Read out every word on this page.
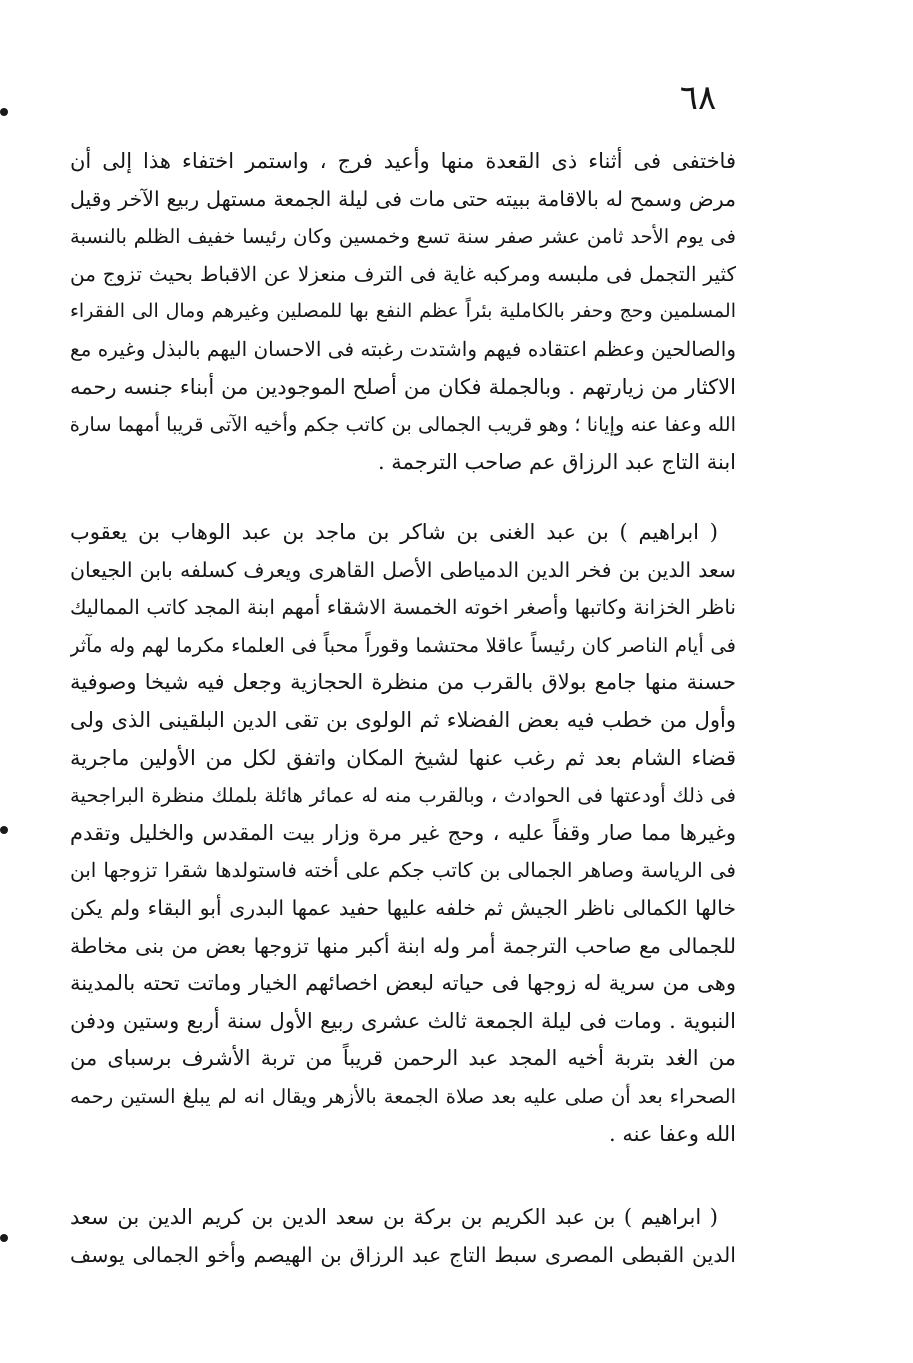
٦٨
فاختفى فى أثناء ذى القعدة منها وأعيد فرج ، واستمر اختفاء هذا إلى أن
مرض وسمح له بالاقامة ببيته حتى مات فى ليلة الجمعة مستهل ربيع الآخر وقيل
فى يوم الأحد ثامن عشر صفر سنة تسع وخمسين وكان رئيسا خفيف الظلم بالنسبة
كثير التجمل فى ملبسه ومركبه غاية فى الترف منعزلا عن الاقباط بحيث تزوج من
المسلمين وحج وحفر بالكاملية بئراً عظم النفع بها للمصلين وغيرهم ومال الى الفقراء
والصالحين وعظم اعتقاده فيهم واشتدت رغبته فى الاحسان اليهم بالبذل وغيره مع
الاكثار من زيارتهم . وبالجملة فكان من أصلح الموجودين من أبناء جنسه رحمه
الله وعفا عنه وإيانا ؛ وهو قريب الجمالى بن كاتب جكم وأخيه الآتى قريبا أمهما سارة
ابنة التاج عبد الرزاق عم صاحب الترجمة .
( ابراهيم ) بن عبد الغنى بن شاكر بن ماجد بن عبد الوهاب بن يعقوب
سعد الدين بن فخر الدين الدمياطى الأصل القاهرى ويعرف كسلفه بابن الجيعان
ناظر الخزانة وكاتبها وأصغر اخوته الخمسة الاشقاء أمهم ابنة المجد كاتب المماليك
فى أيام الناصر كان رئيساً عاقلا محتشما وقوراً محباً فى العلماء مكرما لهم وله مآثر
حسنة منها جامع بولاق بالقرب من منظرة الحجازية وجعل فيه شيخا وصوفية
وأول من خطب فيه بعض الفضلاء ثم الولوى بن تقى الدين البلقينى الذى ولى
قضاء الشام بعد ثم رغب عنها لشيخ المكان واتفق لكل من الأولين ماجرية
فى ذلك أودعتها فى الحوادث ، وبالقرب منه له عمائر هائلة بلملك منظرة البراجحية
وغيرها مما صار وقفاً عليه ، وحج غير مرة وزار بيت المقدس والخليل وتقدم
فى الرياسة وصاهر الجمالى بن كاتب جكم على أخته فاستولدها شقرا تزوجها ابن
خالها الكمالى ناظر الجيش ثم خلفه عليها حفيد عمها البدرى أبو البقاء ولم يكن
للجمالى مع صاحب الترجمة أمر وله ابنة أكبر منها تزوجها بعض من بنى مخاطة
وهى من سرية له زوجها فى حياته لبعض اخصائهم الخيار وماتت تحته بالمدينة
النبوية . ومات فى ليلة الجمعة ثالث عشرى ربيع الأول سنة أربع وستين ودفن
من الغد بتربة أخيه المجد عبد الرحمن قريباً من تربة الأشرف برسباى من
الصحراء بعد أن صلى عليه بعد صلاة الجمعة بالأزهر ويقال انه لم يبلغ الستين رحمه
الله وعفا عنه .
( ابراهيم ) بن عبد الكريم بن بركة بن سعد الدين بن كريم الدين بن سعد
الدين القبطى المصرى سبط التاج عبد الرزاق بن الهيصم وأخو الجمالى يوسف
